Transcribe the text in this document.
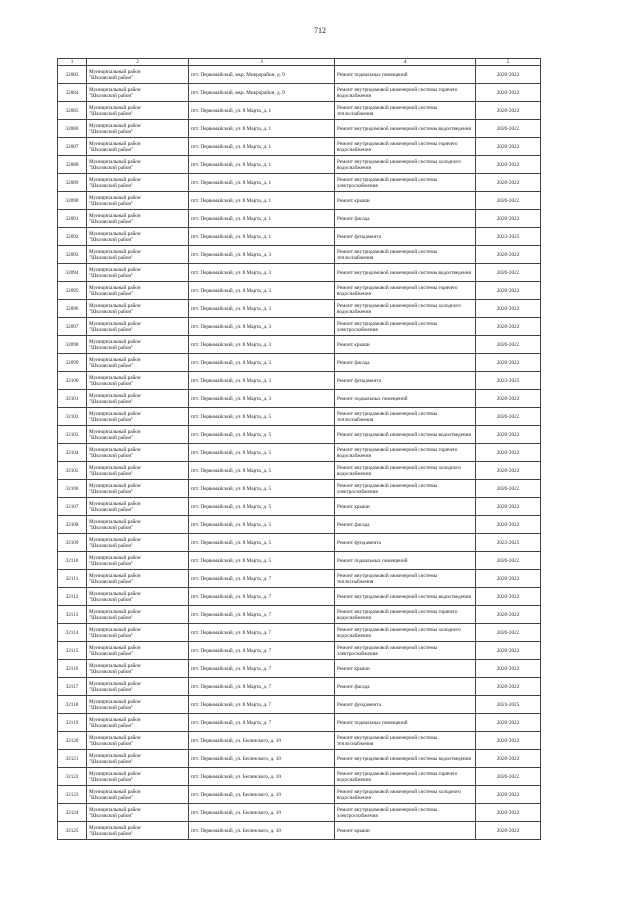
712
1	2	3	4	5
32083	Муниципальный район
"Шкловский район"	пгт. Первомайский, мкр. Микрорайон, д. 9	Ремонт подвальных помещений	2020-2022
32084	Муниципальный район
"Шкловский район"	пгт. Первомайский, мкр. Микрорайон, д. 9	Ремонт внутридомовой инженерной системы горячего водоснабжения	2020-2022
32085	Муниципальный район
"Шкловский район"	пгт. Первомайский, ул. 8 Марта, д. 1	Ремонт внутридомовой инженерной системы теплоснабжения	2020-2022
32086	Муниципальный район
"Шкловский район"	пгт. Первомайский, ул. 8 Марта, д. 1	Ремонт внутридомовой инженерной системы водоотведения	2020-2022
32087	Муниципальный район
"Шкловский район"	пгт. Первомайский, ул. 8 Марта, д. 1	Ремонт внутридомовой инженерной системы горячего водоснабжения	2020-2022
32088	Муниципальный район
"Шкловский район"	пгт. Первомайский, ул. 8 Марта, д. 1	Ремонт внутридомовой инженерной системы холодного водоснабжения	2020-2022
32089	Муниципальный район
"Шкловский район"	пгт. Первомайский, ул. 8 Марта, д. 1	Ремонт внутридомовой инженерной системы электроснабжения	2020-2022
32090	Муниципальный район
"Шкловский район"	пгт. Первомайский, ул. 8 Марта, д. 1	Ремонт крыши	2020-2022
32091	Муниципальный район
"Шкловский район"	пгт. Первомайский, ул. 8 Марта, д. 1	Ремонт фасада	2020-2022
32092	Муниципальный район
"Шкловский район"	пгт. Первомайский, ул. 8 Марта, д. 1	Ремонт фундамента	2023-2025
32093	Муниципальный район
"Шкловский район"	пгт. Первомайский, ул. 8 Марта, д. 3	Ремонт внутридомовой инженерной системы теплоснабжения	2020-2022
32094	Муниципальный район
"Шкловский район"	пгт. Первомайский, ул. 8 Марта, д. 3	Ремонт внутридомовой инженерной системы водоотведения	2020-2022
32095	Муниципальный район
"Шкловский район"	пгт. Первомайский, ул. 8 Марта, д. 3	Ремонт внутридомовой инженерной системы горячего водоснабжения	2020-2022
32096	Муниципальный район
"Шкловский район"	пгт. Первомайский, ул. 8 Марта, д. 3	Ремонт внутридомовой инженерной системы холодного водоснабжения	2020-2022
32097	Муниципальный район
"Шкловский район"	пгт. Первомайский, ул. 8 Марта, д. 3	Ремонт внутридомовой инженерной системы электроснабжения	2020-2022
32098	Муниципальный район
"Шкловский район"	пгт. Первомайский, ул. 8 Марта, д. 3	Ремонт крыши	2020-2022
32099	Муниципальный район
"Шкловский район"	пгт. Первомайский, ул. 8 Марта, д. 3	Ремонт фасада	2020-2022
32100	Муниципальный район
"Шкловский район"	пгт. Первомайский, ул. 8 Марта, д. 3	Ремонт фундамента	2023-2025
32101	Муниципальный район
"Шкловский район"	пгт. Первомайский, ул. 8 Марта, д. 3	Ремонт подвальных помещений	2020-2022
32102	Муниципальный район
"Шкловский район"	пгт. Первомайский, ул. 8 Марта, д. 5	Ремонт внутридомовой инженерной системы теплоснабжения	2020-2022
32103	Муниципальный район
"Шкловский район"	пгт. Первомайский, ул. 8 Марта, д. 5	Ремонт внутридомовой инженерной системы водоотведения	2020-2022
32104	Муниципальный район
"Шкловский район"	пгт. Первомайский, ул. 8 Марта, д. 5	Ремонт внутридомовой инженерной системы горячего водоснабжения	2020-2022
32105	Муниципальный район
"Шкловский район"	пгт. Первомайский, ул. 8 Марта, д. 5	Ремонт внутридомовой инженерной системы холодного водоснабжения	2020-2022
32106	Муниципальный район
"Шкловский район"	пгт. Первомайский, ул. 8 Марта, д. 5	Ремонт внутридомовой инженерной системы электроснабжения	2020-2022
32107	Муниципальный район
"Шкловский район"	пгт. Первомайский, ул. 8 Марта, д. 5	Ремонт крыши	2020-2022
32108	Муниципальный район
"Шкловский район"	пгт. Первомайский, ул. 8 Марта, д. 5	Ремонт фасада	2020-2022
32109	Муниципальный район
"Шкловский район"	пгт. Первомайский, ул. 8 Марта, д. 5	Ремонт фундамента	2023-2025
32110	Муниципальный район
"Шкловский район"	пгт. Первомайский, ул. 8 Марта, д. 5	Ремонт подвальных помещений	2020-2022
32111	Муниципальный район
"Шкловский район"	пгт. Первомайский, ул. 8 Марта, д. 7	Ремонт внутридомовой инженерной системы теплоснабжения	2020-2022
32112	Муниципальный район
"Шкловский район"	пгт. Первомайский, ул. 8 Марта, д. 7	Ремонт внутридомовой инженерной системы водоотведения	2020-2022
32113	Муниципальный район
"Шкловский район"	пгт. Первомайский, ул. 8 Марта, д. 7	Ремонт внутридомовой инженерной системы горячего водоснабжения	2020-2022
32114	Муниципальный район
"Шкловский район"	пгт. Первомайский, ул. 8 Марта, д. 7	Ремонт внутридомовой инженерной системы холодного водоснабжения	2020-2022
32115	Муниципальный район
"Шкловский район"	пгт. Первомайский, ул. 8 Марта, д. 7	Ремонт внутридомовой инженерной системы электроснабжения	2020-2022
32116	Муниципальный район
"Шкловский район"	пгт. Первомайский, ул. 8 Марта, д. 7	Ремонт крыши	2020-2022
32117	Муниципальный район
"Шкловский район"	пгт. Первомайский, ул. 8 Марта, д. 7	Ремонт фасада	2020-2022
32118	Муниципальный район
"Шкловский район"	пгт. Первомайский, ул. 8 Марта, д. 7	Ремонт фундамента	2023-2025
32119	Муниципальный район
"Шкловский район"	пгт. Первомайский, ул. 8 Марта, д. 7	Ремонт подвальных помещений	2020-2022
32120	Муниципальный район
"Шкловский район"	пгт. Первомайский, ул. Белинского, д. 10	Ремонт внутридомовой инженерной системы теплоснабжения	2020-2022
32121	Муниципальный район
"Шкловский район"	пгт. Первомайский, ул. Белинского, д. 10	Ремонт внутридомовой инженерной системы водоотведения	2020-2022
32122	Муниципальный район
"Шкловский район"	пгт. Первомайский, ул. Белинского, д. 10	Ремонт внутридомовой инженерной системы горячего водоснабжения	2020-2022
32123	Муниципальный район
"Шкловский район"	пгт. Первомайский, ул. Белинского, д. 10	Ремонт внутридомовой инженерной системы холодного водоснабжения	2020-2022
32124	Муниципальный район
"Шкловский район"	пгт. Первомайский, ул. Белинского, д. 10	Ремонт внутридомовой инженерной системы электроснабжения	2020-2022
32125	Муниципальный район
"Шкловский район"	пгт. Первомайский, ул. Белинского, д. 10	Ремонт крыши	2020-2022
